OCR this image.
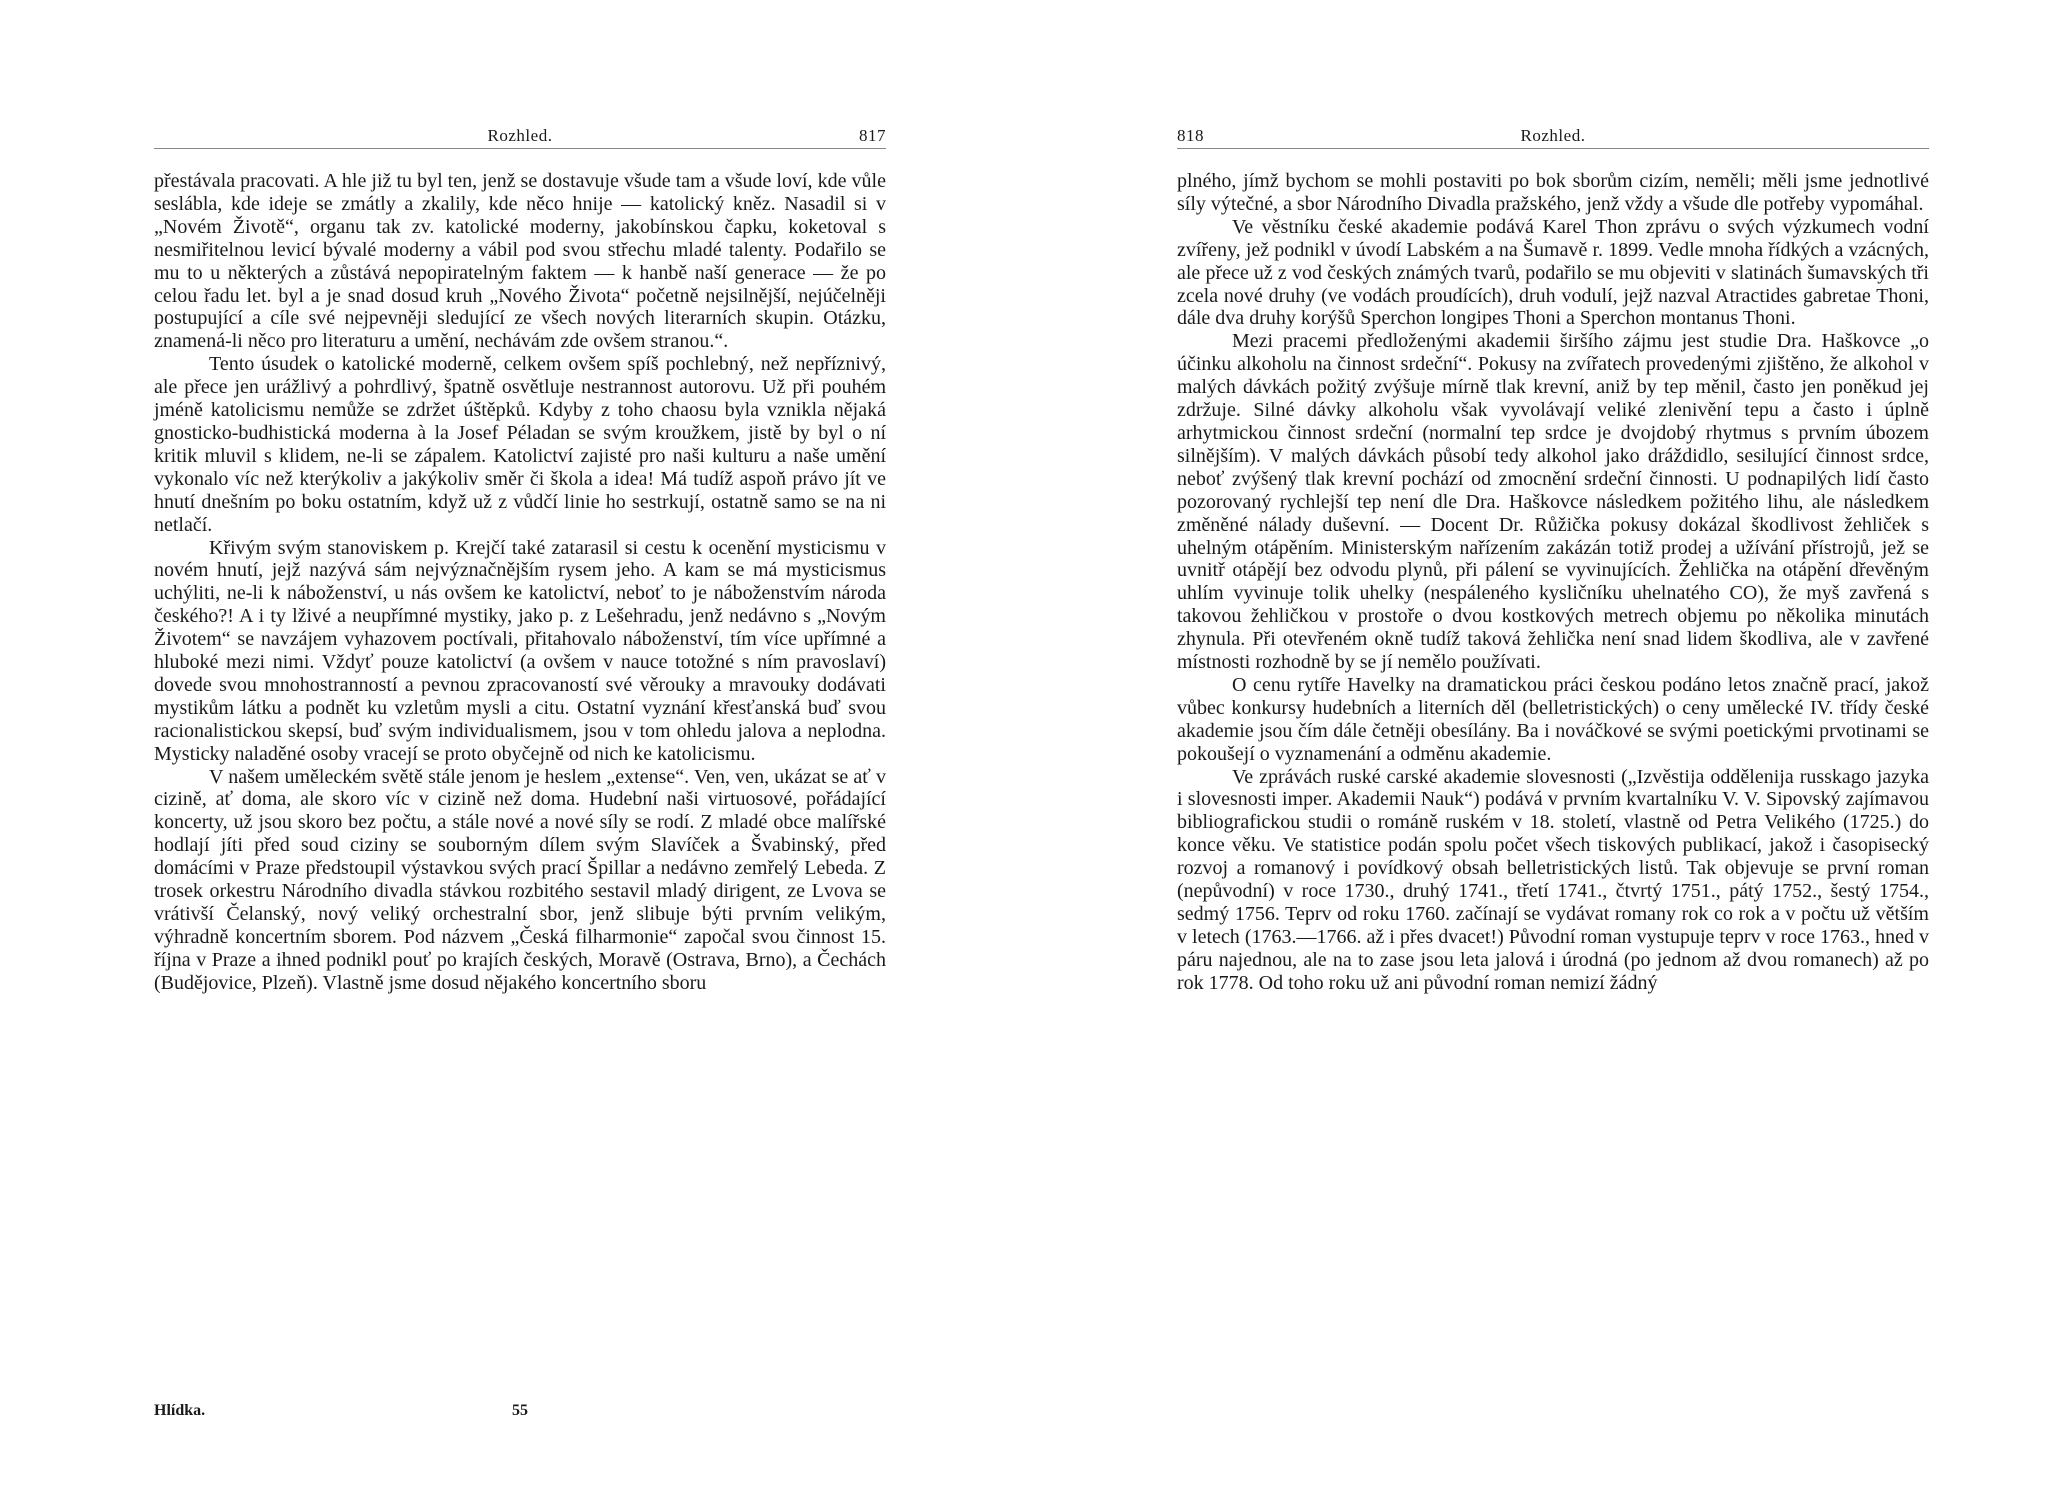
Rozhled.	817

přestávala pracovati. A hle již tu byl ten, jenž se dostavuje všude tam a všude loví, kde vůle seslábla, kde ideje se zmátly a zkalily, kde něco hnije — katolický kněz. Nasadil si v „Novém Životě“, organu tak zv. katolické moderny, jakobínskou čapku, koketoval s nesmiřitelnou levicí bývalé moderny a vábil pod svou střechu mladé talenty. Podařilo se mu to u některých a zůstává nepopiratelným faktem — k hanbě naší generace — že po celou řadu let. byl a je snad dosud kruh „Nového Života“ početně nejsilnější, nejúčelněji postupující a cíle své nejpevněji sledující ze všech nových literarních skupin. Otázku, znamená-li něco pro literaturu a umění, nechávám zde ovšem stranou.“.

Tento úsudek o katolické moderně, celkem ovšem spíš pochlebný, než nepříznivý, ale přece jen urážlivý a pohrdlivý, špatně osvětluje nestrannost autorovu. Už při pouhém jméně katolicismu nemůže se zdržet úštěpků. Kdyby z toho chaosu byla vznikla nějaká gnosticko-budhistická moderna à la Josef Péladan se svým kroužkem, jistě by byl o ní kritik mluvil s klidem, ne-li se zápalem. Katolictví zajisté pro naši kulturu a naše umění vykonalo víc než kterýkoliv a jakýkoliv směr či škola a idea! Má tudíž aspoň právo jít ve hnutí dnešním po boku ostatním, když už z vůdčí linie ho sestrkují, ostatně samo se na ni netlačí.

Křivým svým stanoviskem p. Krejčí také zatarasil si cestu k ocenění mysticismu v novém hnutí, jejž nazývá sám nejvýznačnějším rysem jeho. A kam se má mysticismus uchýliti, ne-li k náboženství, u nás ovšem ke katolictví, neboť to je náboženstvím národa českého?! A i ty lživé a neupřímné mystiky, jako p. z Lešehradu, jenž nedávno s „Novým Životem“ se navzájem vyhazovem poctívali, přitahovalo náboženství, tím více upřímné a hluboké mezi nimi. Vždyť pouze katolictví (a ovšem v nauce totožné s ním pravoslaví) dovede svou mnohostranností a pevnou zpracovaností své věrouky a mravouky dodávati mystikům látku a podnět ku vzletům mysli a citu. Ostatní vyznání křesťanská buď svou racionalistickou skepsí, buď svým individualismem, jsou v tom ohledu jalova a neplodna. Mysticky naladěné osoby vracejí se proto obyčejně od nich ke katolicismu.

V našem uměleckém světě stále jenom je heslem „extense“. Ven, ven, ukázat se ať v cizině, ať doma, ale skoro víc v cizině než doma. Hudební naši virtuosové, pořádající koncerty, už jsou skoro bez počtu, a stále nové a nové síly se rodí. Z mladé obce malířské hodlají jíti před soud ciziny se souborným dílem svým Slavíček a Švabinský, před domácími v Praze předstoupil výstavkou svých prací Špillar a nedávno zemřelý Lebeda. Z trosek orkestru Národního divadla stávkou rozbitého sestavil mladý dirigent, ze Lvova se vrátivší Čelanský, nový veliký orchestralní sbor, jenž slibuje býti prvním velikým, výhradně koncertním sborem. Pod názvem „Česká filharmonie“ započal svou činnost 15. října v Praze a ihned podnikl pouť po krajích českých, Moravě (Ostrava, Brno), a Čechách (Budějovice, Plzeň). Vlastně jsme dosud nějakého koncertního sboru

Hlídka.	55
818	Rozhled.

plného, jímž bychom se mohli postaviti po bok sborům cizím, neměli; měli jsme jednotlivé síly výtečné, a sbor Národního Divadla pražského, jenž vždy a všude dle potřeby vypomáhal.

Ve věstníku české akademie podává Karel Thon zprávu o svých výzkumech vodní zvířeny, jež podnikl v úvodí Labském a na Šumavě r. 1899. Vedle mnoha řídkých a vzácných, ale přece už z vod českých známých tvarů, podařilo se mu objeviti v slatinách šumavských tři zcela nové druhy (ve vodách proudících), druh vodulí, jejž nazval Atractides gabretae Thoni, dále dva druhy korýšů Sperchon longipes Thoni a Sperchon montanus Thoni.

Mezi pracemi předloženými akademii širšího zájmu jest studie Dra. Haškovce „o účinku alkoholu na činnost srdeční“. Pokusy na zvířatech provedenými zjištěno, že alkohol v malých dávkách požitý zvýšuje mírně tlak krevní, aniž by tep měnil, často jen poněkud jej zdržuje. Silné dávky alkoholu však vyvolávají veliké zlenivění tepu a často i úplně arhytmickou činnost srdeční (normalní tep srdce je dvojdobý rhytmus s prvním úbozem silnějším). V malých dávkách působí tedy alkohol jako dráždidlo, sesilující činnost srdce, neboť zvýšený tlak krevní pochází od zmocnění srdeční činnosti. U podnapilých lidí často pozorovaný rychlejší tep není dle Dra. Haškovce následkem požitého lihu, ale následkem změněné nálady duševní. — Docent Dr. Růžička pokusy dokázal škodlivost žehliček s uhelným otápěním. Ministerským nařízením zakázán totiž prodej a užívání přístrojů, jež se uvnitř otápějí bez odvodu plynů, při pálení se vyvinujících. Žehlička na otápění dřevěným uhlím vyvinuje tolik uhelky (nespáleného kysličníku uhelnatého CO), že myš zavřená s takovou žehličkou v prostoře o dvou kostkových metrech objemu po několika minutách zhynula. Při otevřeném okně tudíž taková žehlička není snad lidem škodliva, ale v zavřené místnosti rozhodně by se jí nemělo používati.

O cenu rytíře Havelky na dramatickou práci českou podáno letos značně prací, jakož vůbec konkursy hudebních a literních děl (belletristických) o ceny umělecké IV. třídy české akademie jsou čím dále četněji obesílány. Ba i nováčkové se svými poetickými prvotinami se pokoušejí o vyznamenání a odměnu akademie.

Ve zprávách ruské carské akademie slovesnosti („Izvěstija oddělenija russkago jazyka i slovesnosti imper. Akademii Nauk“) podává v prvním kvartalníku V. V. Sipovský zajímavou bibliografickou studii o románě ruském v 18. století, vlastně od Petra Velikého (1725.) do konce věku. Ve statistice podán spolu počet všech tiskových publikací, jakož i časopisecký rozvoj a romanový i povídkový obsah belletristických listů. Tak objevuje se první roman (nepůvodní) v roce 1730., druhý 1741., třetí 1741., čtvrtý 1751., pátý 1752., šestý 1754., sedmý 1756. Teprv od roku 1760. začínají se vydávat romany rok co rok a v počtu už větším v letech (1763.—1766. až i přes dvacet!) Původní roman vystupuje teprv v roce 1763., hned v páru najednou, ale na to zase jsou leta jalová i úrodná (po jednom až dvou romanech) až po rok 1778. Od toho roku už ani původní roman nemizí žádný
